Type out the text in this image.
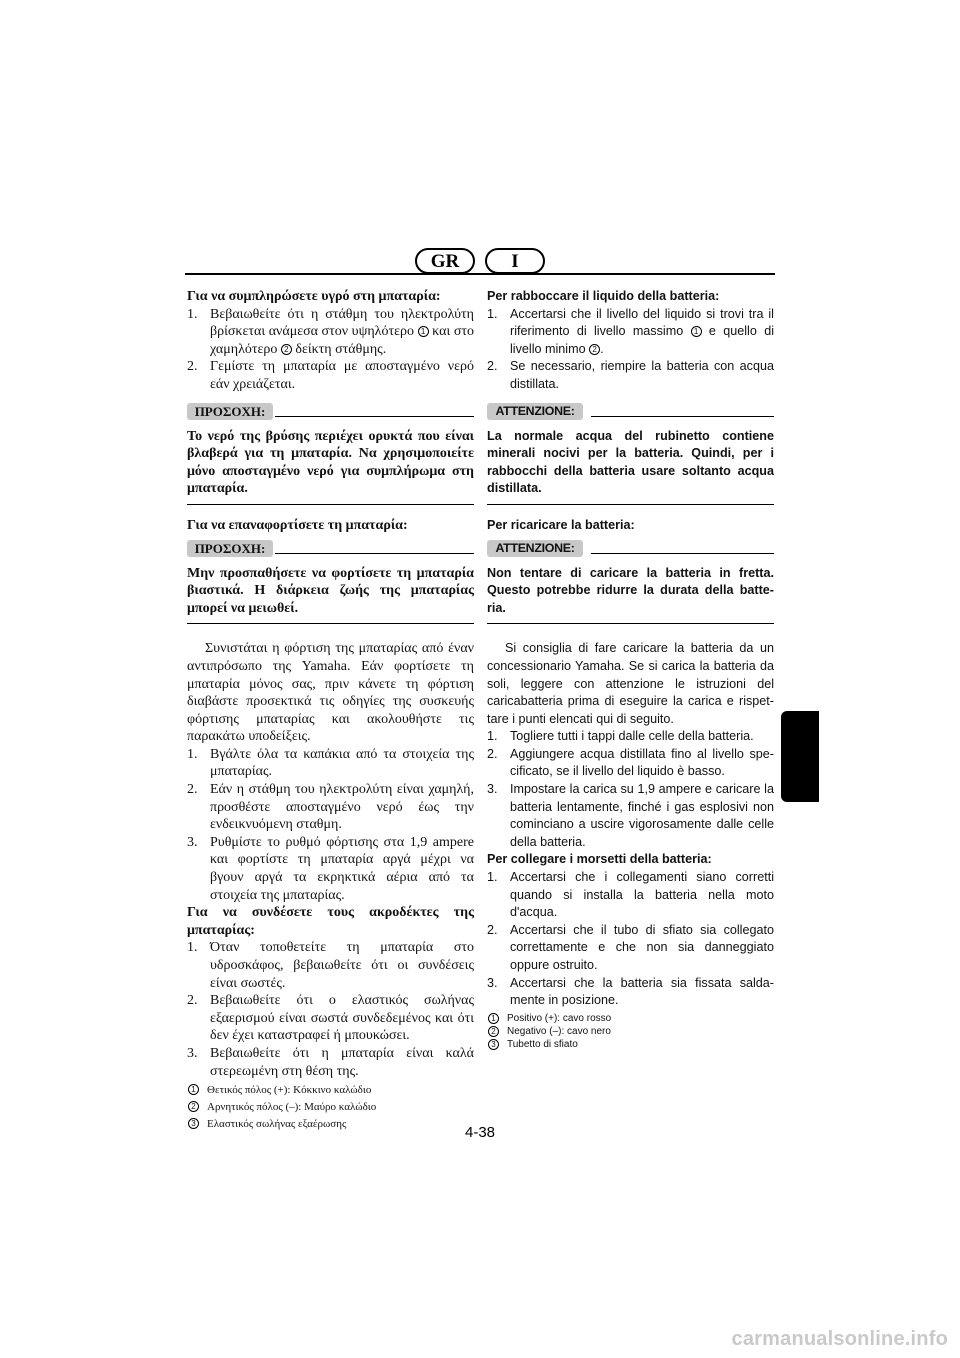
GR	I

Για να συμπληρώσετε υγρό στη μπαταρία:

1. Βεβαιωθείτε ότι η στάθμη του ηλεκτρολύτη βρίσκεται ανάμεσα στον υψηλότερο 1 και στο χαμηλότερο 2 δείκτη στάθμης.
2. Γεμίστε τη μπαταρία με αποσταγμένο νερό εάν χρειάζεται.
ΠΡΟΣΟΧΗ:

Το νερό της βρύσης περιέχει ορυκτά που είναι βλαβερά για τη μπαταρία. Να χρησιμοποιείτε μόνο αποσταγμένο νερό για συμπλήρωμα στη μπαταρία.

Για να επαναφορτίσετε τη μπαταρία:

ΠΡΟΣΟΧΗ:

Μην προσπαθήσετε να φορτίσετε τη μπαταρία βιαστικά. Η διάρκεια ζωής της μπαταρίας μπορεί να μειωθεί.

Συνιστάται η φόρτιση της μπαταρίας από έναν αντιπρόσωπο της Yamaha. Εάν φορτίσετε τη μπαταρία μόνος σας, πριν κάνετε τη φόρτιση διαβάστε προσεκτικά τις οδηγίες της συσκευής φόρτισης μπαταρίας και ακολουθήστε τις παρακάτω υποδείξεις.

1. Βγάλτε όλα τα καπάκια από τα στοιχεία της μπαταρίας.
2. Εάν η στάθμη του ηλεκτρολύτη είναι χαμηλή, προσθέστε αποσταγμένο νερό έως την ενδεικνυόμενη σταθμη.
3. Ρυθμίστε το ρυθμό φόρτισης στα 1,9 ampere και φορτίστε τη μπαταρία αργά μέχρι να βγουν αργά τα εκρηκτικά αέρια από τα στοιχεία της μπαταρίας.

Για να συνδέσετε τους ακροδέκτες της μπαταρίας:

1. Όταν τοποθετείτε τη μπαταρία στο υδροσκάφος, βεβαιωθείτε ότι οι συνδέσεις είναι σωστές.
2. Βεβαιωθείτε ότι ο ελαστικός σωλήνας εξαερισμού είναι σωστά συνδεδεμένος και ότι δεν έχει καταστραφεί ή μπουκώσει.
3. Βεβαιωθείτε ότι η μπαταρία είναι καλά στερεωμένη στη θέση της.

1 Θετικός πόλος (+): Κόκκινο καλώδιο

2 Αρνητικός πόλος (–): Μαύρο καλώδιο

3 Ελαστικός σωλήνας εξαέρωσης

Per rabboccare il liquido della batteria:

1. Accertarsi che il livello del liquido si trovi tra il riferimento di livello massimo 1 e quello di livello minimo 2 .
2. Se necessario, riempire la batteria con acqua distillata.
ATTENZIONE:

La normale acqua del rubinetto contiene minerali nocivi per la batteria. Quindi, per i rabbocchi della batteria usare soltanto acqua distillata.

Per ricaricare la batteria:

ATTENZIONE:

Non tentare di caricare la batteria in fretta. Questo potrebbe ridurre la durata della batte-ria.

Si consiglia di fare caricare la batteria da un concessionario Yamaha. Se si carica la batteria da soli, leggere con attenzione le istruzioni del caricabatteria prima di eseguire la carica e rispet-tare i punti elencati qui di seguito.

1. Togliere tutti i tappi dalle celle della batteria.
2. Aggiungere acqua distillata fino al livello spe-cificato, se il livello del liquido è basso.
3. Impostare la carica su 1,9 ampere e caricare la batteria lentamente, finché i gas esplosivi non cominciano a uscire vigorosamente dalle celle della batteria.

Per collegare i morsetti della batteria:

1. Accertarsi che i collegamenti siano corretti quando si installa la batteria nella moto d'acqua.
2. Accertarsi che il tubo di sfiato sia collegato correttamente e che non sia danneggiato oppure ostruito.
3. Accertarsi che la batteria sia fissata salda-mente in posizione.

1	Positivo (+): cavo rosso

2	Negativo (–): cavo nero

3	Tubetto di sfiato

4-38
carmanualsonline.info
